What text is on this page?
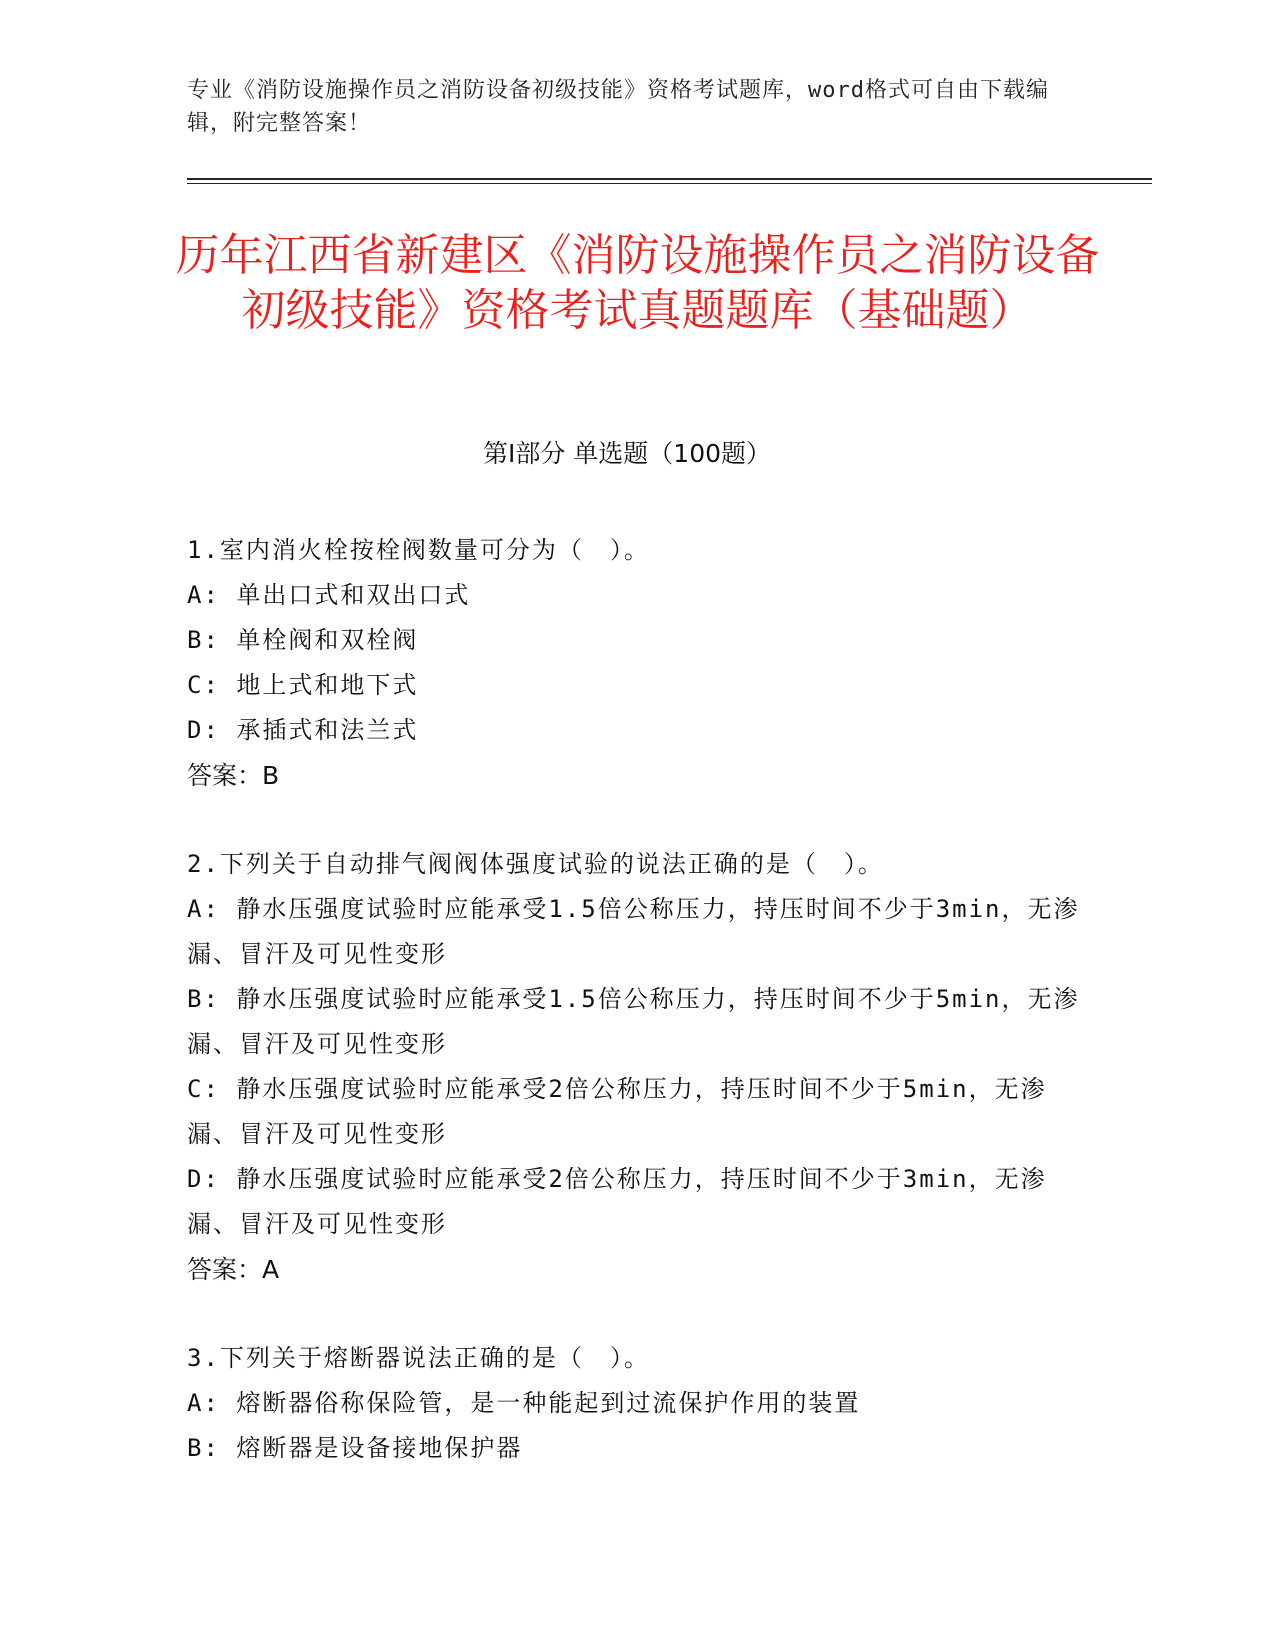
专业《消防设施操作员之消防设备初级技能》资格考试题库，word格式可自由下载编辑，附完整答案！
历年江西省新建区《消防设施操作员之消防设备初级技能》资格考试真题题库（基础题）
第I部分 单选题（100题）
1.室内消火栓按栓阀数量可分为（　）。
A: 单出口式和双出口式
B: 单栓阀和双栓阀
C: 地上式和地下式
D: 承插式和法兰式
答案：B
2.下列关于自动排气阀阀体强度试验的说法正确的是（　）。
A: 静水压强度试验时应能承受1.5倍公称压力，持压时间不少于3min，无渗漏、冒汗及可见性变形
B: 静水压强度试验时应能承受1.5倍公称压力，持压时间不少于5min，无渗漏、冒汗及可见性变形
C: 静水压强度试验时应能承受2倍公称压力，持压时间不少于5min，无渗漏、冒汗及可见性变形
D: 静水压强度试验时应能承受2倍公称压力，持压时间不少于3min，无渗漏、冒汗及可见性变形
答案：A
3.下列关于熔断器说法正确的是（　）。
A: 熔断器俗称保险管，是一种能起到过流保护作用的装置
B: 熔断器是设备接地保护器
